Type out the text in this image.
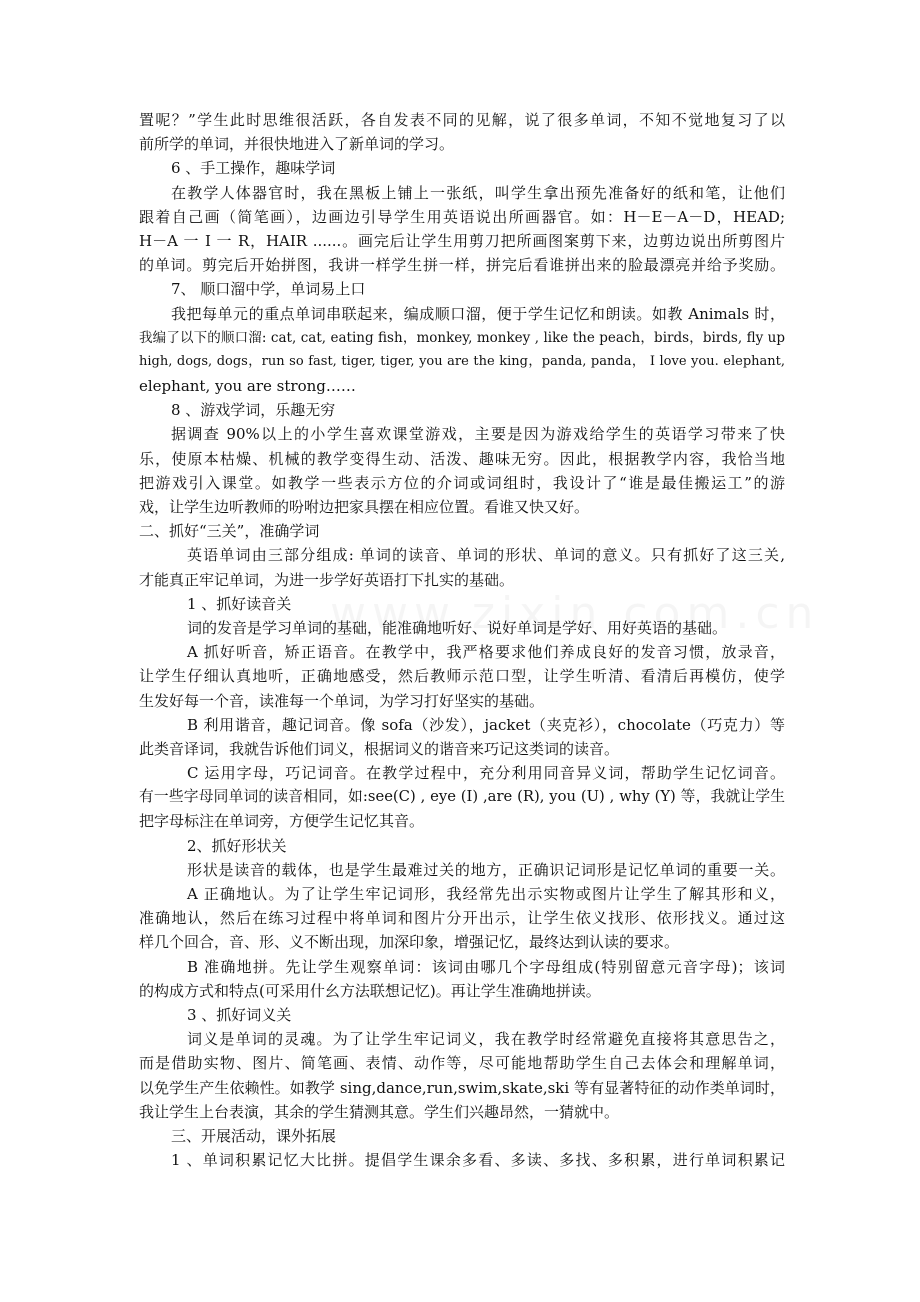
置呢？”学生此时思维很活跃，各自发表不同的见解，说了很多单词，不知不觉地复习了以
前所学的单词，并很快地进入了新单词的学习。
6 、手工操作，趣味学词
在教学人体器官时，我在黑板上铺上一张纸，叫学生拿出预先准备好的纸和笔，让他们
跟着自己画（简笔画），边画边引导学生用英语说出所画器官。如：H－E－A－D，HEAD;
H－A 一 I 一 R，HAIR ......。画完后让学生用剪刀把所画图案剪下来，边剪边说出所剪图片
的单词。剪完后开始拼图，我讲一样学生拼一样，拼完后看谁拼出来的脸最漂亮并给予奖励。
7、 顺口溜中学，单词易上口
我把每单元的重点单词串联起来，编成顺口溜，便于学生记忆和朗读。如教 Animals 时，
我编了以下的顺口溜: cat, cat, eating fish，monkey, monkey , like the peach，birds，birds, fly up
high, dogs, dogs，run so fast, tiger, tiger, you are the king，panda, panda， I love you. elephant,
elephant, you are strong……
8 、游戏学词，乐趣无穷
据调查 90%以上的小学生喜欢课堂游戏，主要是因为游戏给学生的英语学习带来了快
乐，使原本枯燥、机械的教学变得生动、活泼、趣味无穷。因此，根据教学内容，我恰当地
把游戏引入课堂。如教学一些表示方位的介词或词组时，我设计了“谁是最佳搬运工”的游
戏，让学生边听教师的吩咐边把家具摆在相应位置。看谁又快又好。
二、抓好“三关”，准确学词
英语单词由三部分组成: 单词的读音、单词的形状、单词的意义。只有抓好了这三关,
才能真正牢记单词，为进一步学好英语打下扎实的基础。
1 、抓好读音关
词的发音是学习单词的基础，能准确地听好、说好单词是学好、用好英语的基础。
A 抓好听音，矫正语音。在教学中，我严格要求他们养成良好的发音习惯，放录音，
让学生仔细认真地听，正确地感受，然后教师示范口型，让学生听清、看清后再模仿，使学
生发好每一个音，读准每一个单词，为学习打好坚实的基础。
B 利用谐音，趣记词音。像 sofa（沙发），jacket（夹克衫），chocolate（巧克力）等
此类音译词，我就告诉他们词义，根据词义的谐音来巧记这类词的读音。
C 运用字母，巧记词音。在教学过程中，充分利用同音异义词，帮助学生记忆词音。
有一些字母同单词的读音相同，如:see(C) , eye (I) ,are (R), you (U) , why (Y) 等，我就让学生
把字母标注在单词旁，方便学生记忆其音。
2、抓好形状关
形状是读音的载体，也是学生最难过关的地方，正确识记词形是记忆单词的重要一关。
A 正确地认。为了让学生牢记词形，我经常先出示实物或图片让学生了解其形和义，
准确地认，然后在练习过程中将单词和图片分开出示，让学生依义找形、依形找义。通过这
样几个回合，音、形、义不断出现，加深印象，增强记忆，最终达到认读的要求。
B 准确地拼。先让学生观察单词：该词由哪几个字母组成(特别留意元音字母)；该词
的构成方式和特点(可采用什幺方法联想记忆)。再让学生准确地拼读。
3 、抓好词义关
词义是单词的灵魂。为了让学生牢记词义，我在教学时经常避免直接将其意思告之，
而是借助实物、图片、简笔画、表情、动作等，尽可能地帮助学生自己去体会和理解单词，
以免学生产生依赖性。如教学 sing,dance,run,swim,skate,ski 等有显著特征的动作类单词时，
我让学生上台表演，其余的学生猜测其意。学生们兴趣昂然，一猜就中。
三、开展活动，课外拓展
1 、单词积累记忆大比拼。提倡学生课余多看、多读、多找、多积累，进行单词积累记
